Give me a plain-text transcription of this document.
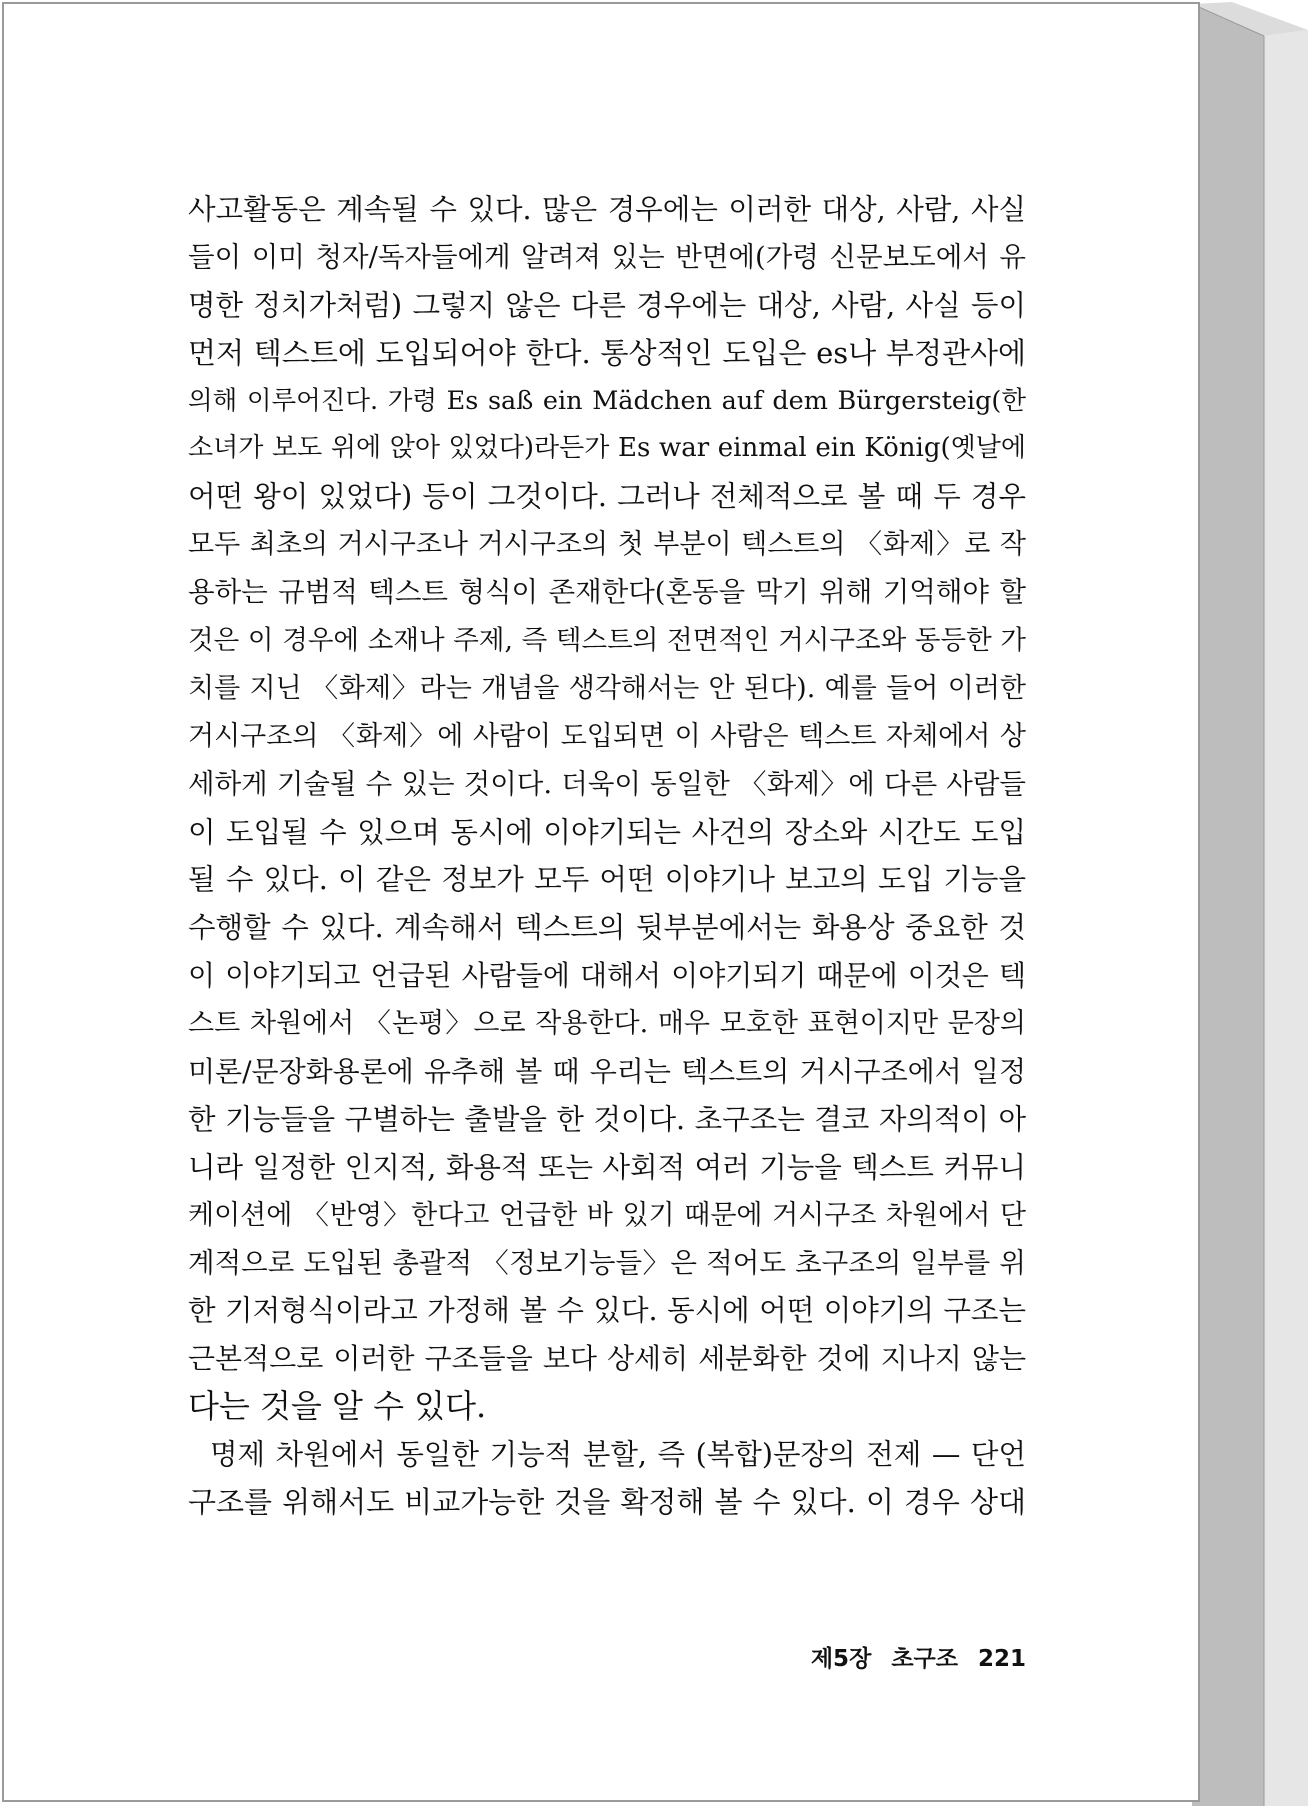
사고활동은 계속될 수 있다. 많은 경우에는 이러한 대상, 사람, 사실
들이 이미 청자/독자들에게 알려져 있는 반면에(가령 신문보도에서 유
명한 정치가처럼) 그렇지 않은 다른 경우에는 대상, 사람, 사실 등이
먼저 텍스트에 도입되어야 한다. 통상적인 도입은 es나 부정관사에
의해 이루어진다. 가령 Es saß ein Mädchen auf dem Bürgersteig(한
소녀가 보도 위에 앉아 있었다)라든가 Es war einmal ein König(옛날에
어떤 왕이 있었다) 등이 그것이다. 그러나 전체적으로 볼 때 두 경우
모두 최초의 거시구조나 거시구조의 첫 부분이 텍스트의 〈화제〉로 작
용하는 규범적 텍스트 형식이 존재한다(혼동을 막기 위해 기억해야 할
것은 이 경우에 소재나 주제, 즉 텍스트의 전면적인 거시구조와 동등한 가
치를 지닌 〈화제〉라는 개념을 생각해서는 안 된다). 예를 들어 이러한
거시구조의 〈화제〉에 사람이 도입되면 이 사람은 텍스트 자체에서 상
세하게 기술될 수 있는 것이다. 더욱이 동일한 〈화제〉에 다른 사람들
이 도입될 수 있으며 동시에 이야기되는 사건의 장소와 시간도 도입
될 수 있다. 이 같은 정보가 모두 어떤 이야기나 보고의 도입 기능을
수행할 수 있다. 계속해서 텍스트의 뒷부분에서는 화용상 중요한 것
이 이야기되고 언급된 사람들에 대해서 이야기되기 때문에 이것은 텍
스트 차원에서 〈논평〉으로 작용한다. 매우 모호한 표현이지만 문장의
미론/문장화용론에 유추해 볼 때 우리는 텍스트의 거시구조에서 일정
한 기능들을 구별하는 출발을 한 것이다. 초구조는 결코 자의적이 아
니라 일정한 인지적, 화용적 또는 사회적 여러 기능을 텍스트 커뮤니
케이션에 〈반영〉한다고 언급한 바 있기 때문에 거시구조 차원에서 단
계적으로 도입된 총괄적 〈정보기능들〉은 적어도 초구조의 일부를 위
한 기저형식이라고 가정해 볼 수 있다. 동시에 어떤 이야기의 구조는
근본적으로 이러한 구조들을 보다 상세히 세분화한 것에 지나지 않는
다는 것을 알 수 있다.
명제 차원에서 동일한 기능적 분할, 즉 (복합)문장의 전제 — 단언
구조를 위해서도 비교가능한 것을 확정해 볼 수 있다. 이 경우 상대
제5장 초구조 221
